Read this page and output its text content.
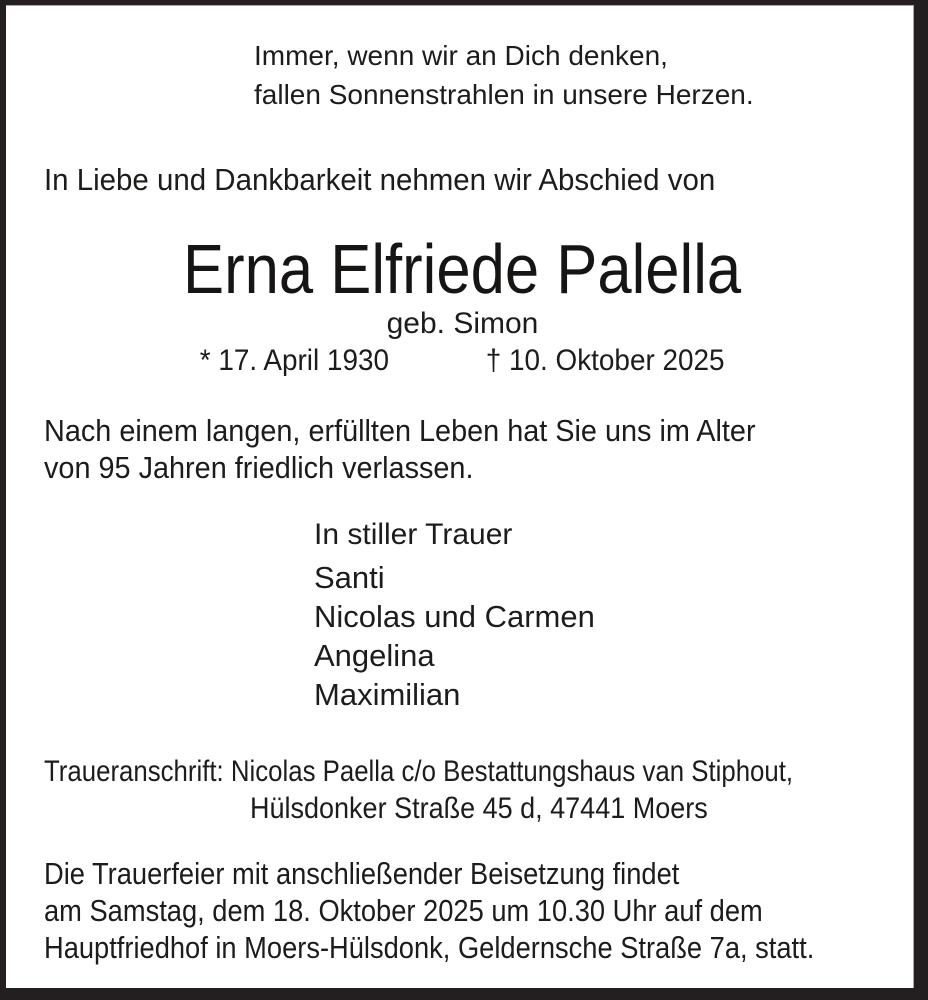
Immer, wenn wir an Dich denken,
fallen Sonnenstrahlen in unsere Herzen.
In Liebe und Dankbarkeit nehmen wir Abschied von
Erna Elfriede Palella
geb. Simon
* 17. April 1930	† 10. Oktober 2025
Nach einem langen, erfüllten Leben hat Sie uns im Alter
von 95 Jahren friedlich verlassen.
In stiller Trauer
Santi
Nicolas und Carmen
Angelina
Maximilian
Traueranschrift: Nicolas Paella c/o Bestattungshaus van Stiphout,
Hülsdonker Straße 45 d, 47441 Moers
Die Trauerfeier mit anschließender Beisetzung findet
am Samstag, dem 18. Oktober 2025 um 10.30 Uhr auf dem
Hauptfriedhof in Moers-Hülsdonk, Geldernsche Straße 7a, statt.
